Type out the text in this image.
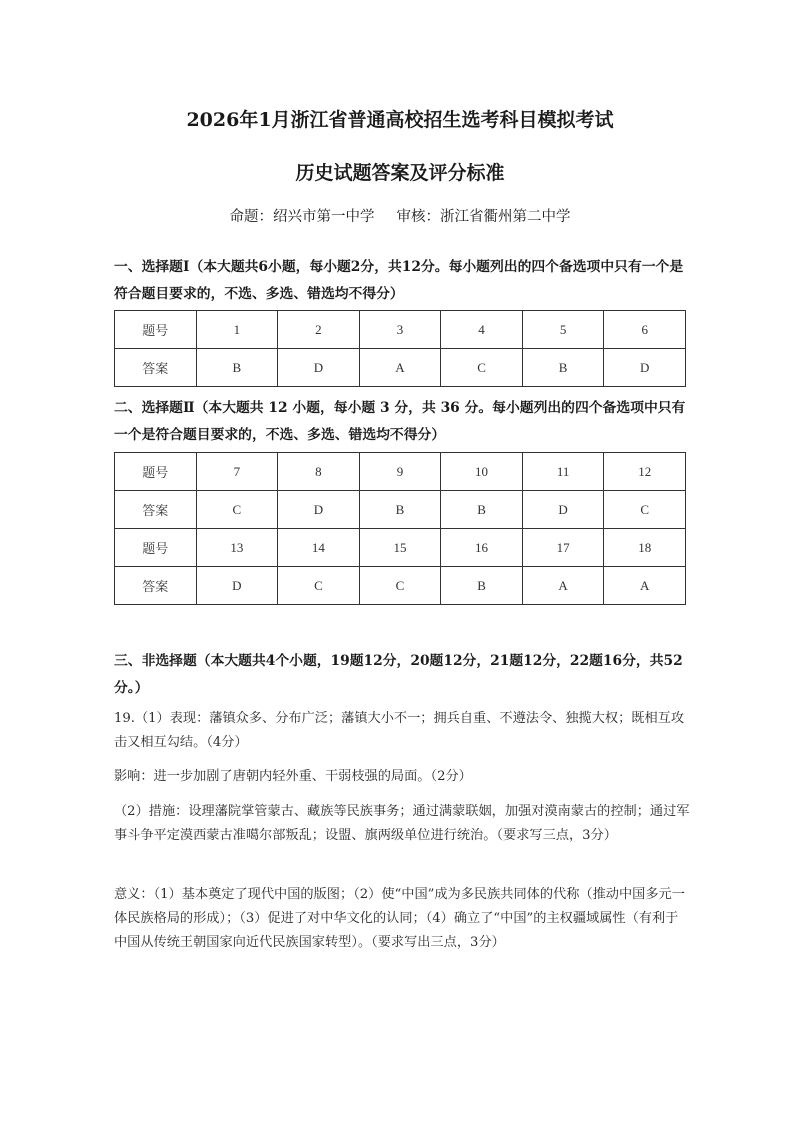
2026年1月浙江省普通高校招生选考科目模拟考试
历史试题答案及评分标准
命题：绍兴市第一中学 审核：浙江省衢州第二中学
一、选择题Ⅰ（本大题共6小题，每小题2分，共12分。每小题列出的四个备选项中只有一个是符合题目要求的，不选、多选、错选均不得分）
题号	1	2	3	4	5	6
答案	B	D	A	C	B	D
二、选择题Ⅱ（本大题共 12 小题，每小题 3 分，共 36 分。每小题列出的四个备选项中只有一个是符合题目要求的，不选、多选、错选均不得分）
题号	7	8	9	10	11	12
答案	C	D	B	B	D	C
题号	13	14	15	16	17	18
答案	D	C	C	B	A	A
三、非选择题（本大题共4个小题，19题12分，20题12分，21题12分，22题16分，共52分。）
19.（1）表现：藩镇众多、分布广泛；藩镇大小不一；拥兵自重、不遵法令、独揽大权；既相互攻击又相互勾结。（4分）
影响：进一步加剧了唐朝内轻外重、干弱枝强的局面。（2分）
（2）措施：设理藩院掌管蒙古、藏族等民族事务；通过满蒙联姻，加强对漠南蒙古的控制；通过军事斗争平定漠西蒙古准噶尔部叛乱；设盟、旗两级单位进行统治。（要求写三点，3分）
意义：（1）基本奠定了现代中国的版图；（2）使“中国”成为多民族共同体的代称（推动中国多元一体民族格局的形成）；（3）促进了对中华文化的认同；（4）确立了“中国”的主权疆域属性（有利于中国从传统王朝国家向近代民族国家转型）。（要求写出三点，3分）
